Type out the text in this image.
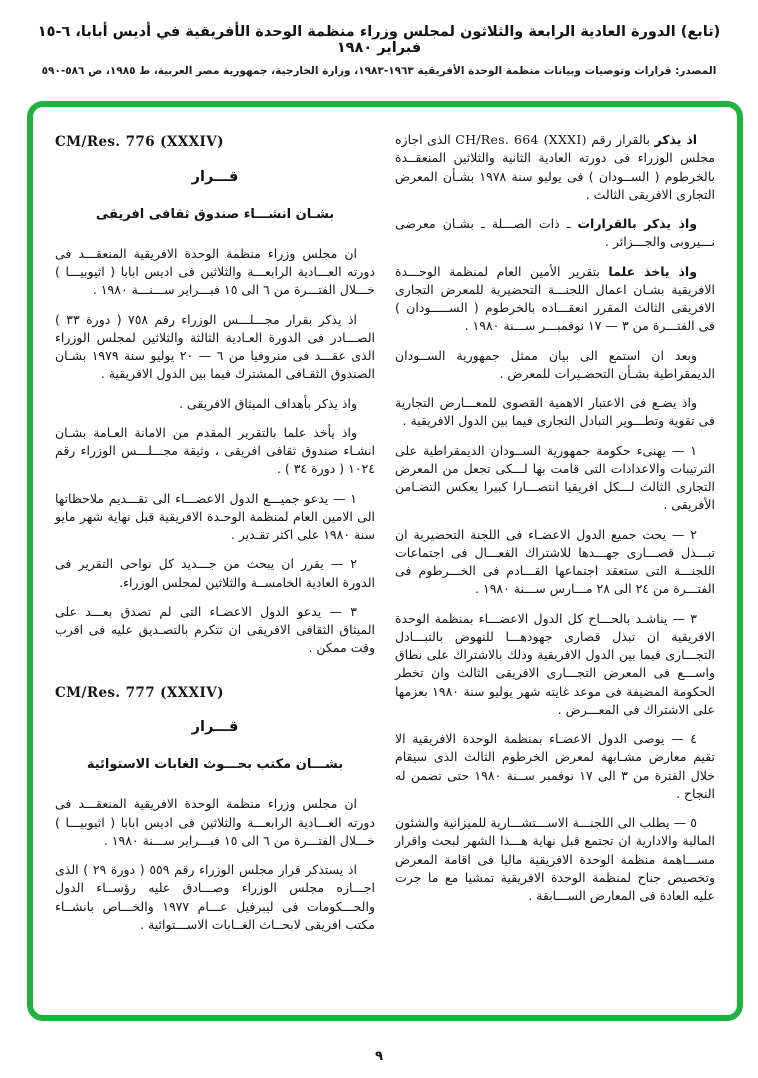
(تابع) الدورة العادية الرابعة والثلاثون لمجلس وزراء منظمة الوحدة الأفريقية في أديس أبابا، ٦-١٥ فبراير ١٩٨٠
المصدر: قرارات وتوصيات وبيانات منظمة الوحدة الأفريقية ١٩٦٣-١٩٨٣، وزارة الخارجية، جمهورية مصر العربية، ط ١٩٨٥، ص ٥٨٦-٥٩٠

اذ يذكر بالقرار رقم CH/Res. 664 (XXXI) الذى اجازه مجلس الوزراء فى دورته العادية الثانية والثلاثين المنعقــدة بالخرطوم ( الســودان ) فى يوليو سنة ١٩٧٨ بشـأن المعرض التجارى الافريقى الثالث .

واذ يذكر بالقرارات ـ ذات الصـــلة ـ بشـان معرضى نـــيروبى والجـــزائر .

واذ ياخذ علما بتقرير الأمين العام لمنظمة الوحـــدة الافريقية بشـان اعمال اللجنـــة التحضيرية للمعرض التجارى الافريقى الثالث المقرر انعقـــاده بالخرطوم ( الســـــودان ) فى الفتـــرة من ٣ — ١٧ نوفمبـــر ســـنة ١٩٨٠ .

وبعد ان استمع الى بيان ممثل جمهورية الســودان الديمقراطية بشـأن التحضـيرات للمعرض .

واذ يضـع فى الاعتبار الاهمية القصوى للمعـــارض التجارية فى تقوية وتطـــوير التبادل التجارى فيما بين الدول الافريقية .

١ — يهنىء حكومة جمهورية الســودان الديمقراطية على الترتيبات والاعدادات التى قامت بها لـــكى تجعل من المعرض التجارى الثالث لـــكل افريقيا انتصـــارا كبيرا يعكس التضـامن الأفريقى .

٢ — يحث جميع الدول الاعضـاء فى اللجنة التحضيرية ان تبـــذل قصـــارى جهـــدها للاشتراك الفعـــال فى اجتماعات اللجنـــة التى ستعقد اجتماعها القـــادم فى الخـــرطوم فى الفتـــرة من ٢٤ الى ٢٨ مـــارس ســـنة ١٩٨٠ .

٣ — يناشـد بالحـــاح كل الدول الاعضـــاء بمنظمة الوحدة الافريقية ان تبذل قصارى جهودهـــا للنهوض بالتبـــادل التجـــارى فيما بين الدول الافريقية وذلك بالاشتراك على نطاق واســـع فى المعرض التجـــارى الافريقى الثالث وان تخطر الحكومة المضيفة فى موعد غايته شهر يوليو سنة ١٩٨٠ بعزمها على الاشتراك فى المعـــرض .

٤ — يوصى الدول الاعضـاء بمنظمة الوحدة الافريقية الا تقيم معارض مشـابهة لمعرض الخرطوم الثالث الذى سيقام خلال الفترة من ٣ الى ١٧ نوفمبر ســنة ١٩٨٠ حتى تضمن له النجاح .

٥ — يطلب الى اللجنـــة الاســـتشـــارية للميزانية والشئون المالية والادارية ان تجتمع قبل نهاية هـــذا الشهر لبحث واقرار مســـاهمة منظمة الوحدة الافريقية ماليا فى اقامة المعرض وتخصيص جناح لمنظمة الوحدة الافريقية تمشيا مع ما جرت عليه العادة فى المعارض الســـابقة .

CM/Res. 776 (XXXIV)
قـــرار
بشـان انشـــاء صندوق ثقافى افريقى

ان مجلس وزراء منظمة الوحدة الافريقية المنعقـــد فى دورته العـــادية الرابعـــة والثلاثين فى اديس ابابا ( اثيوبيـــا ) خـــلال الفتـــرة من ٦ الى ١٥ فبـــراير ســـنـــة ١٩٨٠ .

اذ يذكر بقرار مجـــلـــس الوزراء رقم ٧٥٨ ( دورة ٣٣ ) الصـــادر فى الدورة العـادية الثالثة والثلاثين لمجلس الوزراء الذى عقـــد فى منروفيا من ٦ — ٢٠ يوليو سنة ١٩٧٩ بشـان الصندوق الثقـافى المشترك فيما بين الدول الافريقية .

واذ يذكر بأهداف الميثاق الافريقى .

واذ يأخذ علما بالتقرير المقدم من الامانة العـامة بشـان انشـاء صندوق ثقافى افريقى ، وثيقة مجـــلـــس الوزراء رقم ١٠٢٤ ( دورة ٣٤ ) .

١ — يدعو جميـــع الدول الاعضـــاء الى تقـــديم ملاحظاتها الى الامين العام لمنظمة الوحـدة الافريقية قبل نهاية شهر مايو سنة ١٩٨٠ على اكثر تقـدير .

٢ — يقرر ان يبحث من جـــديد كل نواحى التقرير فى الدورة العادية الخامســة والثلاثين لمجلس الوزراء.

٣ — يدعو الدول الاعضـاء التى لم تصدق بعـــد على الميثاق الثقافى الافريقى ان تتكرم بالتصـديق عليه فى اقرب وقت ممكن .

CM/Res. 777 (XXXIV)
قـــرار
بشـــان مكتب بحـــوث الغابات الاستوائية

ان مجلس وزراء منظمة الوحدة الافريقية المنعقـــد فى دورته العـــادية الرابعـــة والثلاثين فى اديس ابابا ( اثيوبيـــا ) خـــلال الفتـــرة من ٦ الى ١٥ فبـــراير ســـنة ١٩٨٠ .

اذ يستذكر قرار مجلس الوزراء رقم ٥٥٩ ( دورة ٢٩ ) الذى اجـــازه مجلس الوزراء وصـــادق عليه رؤســاء الدول والحـــكومات فى ليبرفيل عـــام ١٩٧٧ والخـــاص بانشــاء مكتب افريقى لابحــاث الغــابات الاســـتوائية .

٩
